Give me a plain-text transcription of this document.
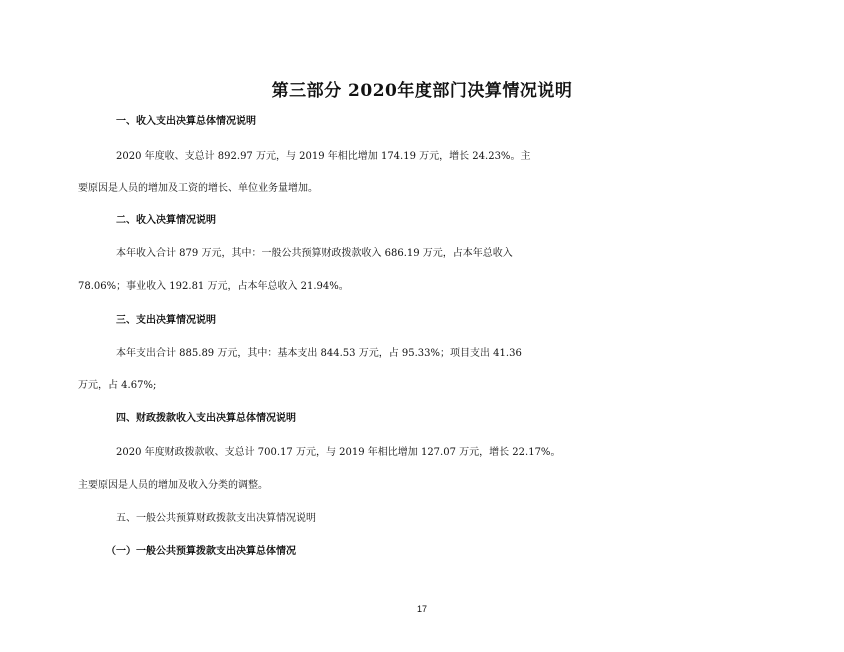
第三部分 2020年度部门决算情况说明
一、收入支出决算总体情况说明
2020 年度收、支总计 892.97 万元，与 2019 年相比增加 174.19 万元，增长 24.23%。主
要原因是人员的增加及工资的增长、单位业务量增加。
二、收入决算情况说明
本年收入合计 879 万元，其中：一般公共预算财政拨款收入 686.19 万元，占本年总收入
78.06%；事业收入 192.81 万元，占本年总收入 21.94%。
三、支出决算情况说明
本年支出合计 885.89 万元，其中：基本支出 844.53 万元，占 95.33%；项目支出 41.36
万元，占 4.67%;
四、财政拨款收入支出决算总体情况说明
2020 年度财政拨款收、支总计 700.17 万元，与 2019 年相比增加 127.07 万元，增长 22.17%。
主要原因是人员的增加及收入分类的调整。
五、一般公共预算财政拨款支出决算情况说明
（一）一般公共预算拨款支出决算总体情况
17
